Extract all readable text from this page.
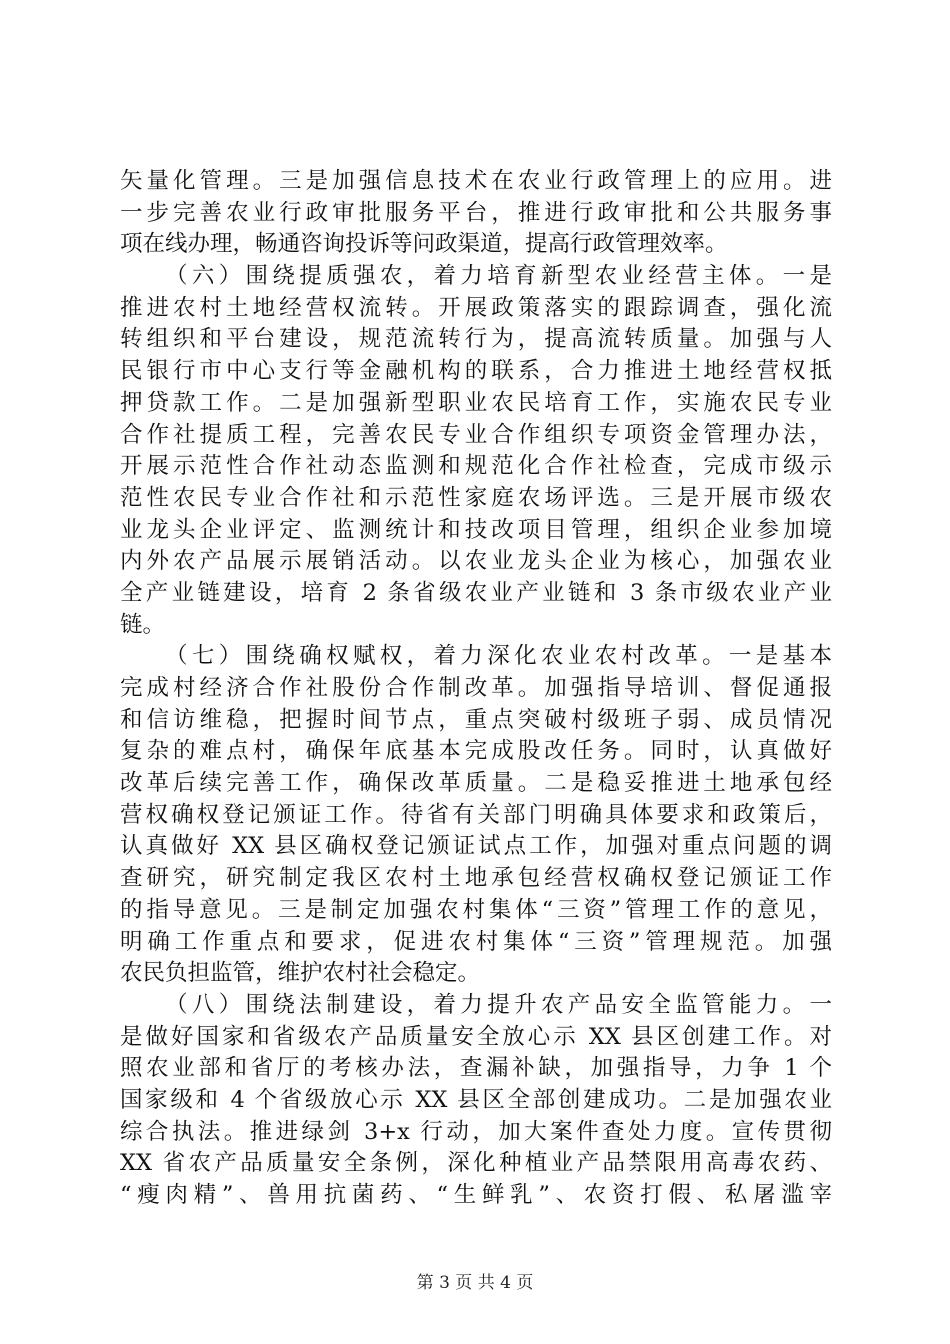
矢量化管理。三是加强信息技术在农业行政管理上的应用。进
一步完善农业行政审批服务平台，推进行政审批和公共服务事
项在线办理，畅通咨询投诉等问政渠道，提高行政管理效率。
（六）围绕提质强农，着力培育新型农业经营主体。一是
推进农村土地经营权流转。开展政策落实的跟踪调查，强化流
转组织和平台建设，规范流转行为，提高流转质量。加强与人
民银行市中心支行等金融机构的联系，合力推进土地经营权抵
押贷款工作。二是加强新型职业农民培育工作，实施农民专业
合作社提质工程，完善农民专业合作组织专项资金管理办法，
开展示范性合作社动态监测和规范化合作社检查，完成市级示
范性农民专业合作社和示范性家庭农场评选。三是开展市级农
业龙头企业评定、监测统计和技改项目管理，组织企业参加境
内外农产品展示展销活动。以农业龙头企业为核心，加强农业
全产业链建设，培育 2 条省级农业产业链和 3 条市级农业产业
链。
（七）围绕确权赋权，着力深化农业农村改革。一是基本
完成村经济合作社股份合作制改革。加强指导培训、督促通报
和信访维稳，把握时间节点，重点突破村级班子弱、成员情况
复杂的难点村，确保年底基本完成股改任务。同时，认真做好
改革后续完善工作，确保改革质量。二是稳妥推进土地承包经
营权确权登记颁证工作。待省有关部门明确具体要求和政策后，
认真做好 XX 县区确权登记颁证试点工作，加强对重点问题的调
查研究，研究制定我区农村土地承包经营权确权登记颁证工作
的指导意见。三是制定加强农村集体“三资”管理工作的意见，
明确工作重点和要求，促进农村集体“三资”管理规范。加强
农民负担监管，维护农村社会稳定。
（八）围绕法制建设，着力提升农产品安全监管能力。一
是做好国家和省级农产品质量安全放心示 XX 县区创建工作。对
照农业部和省厅的考核办法，查漏补缺，加强指导，力争 1 个
国家级和 4 个省级放心示 XX 县区全部创建成功。二是加强农业
综合执法。推进绿剑 3+x 行动，加大案件查处力度。宣传贯彻
XX 省农产品质量安全条例，深化种植业产品禁限用高毒农药、
“瘦肉精”、兽用抗菌药、“生鲜乳”、农资打假、私屠滥宰
第 3 页 共 4 页
